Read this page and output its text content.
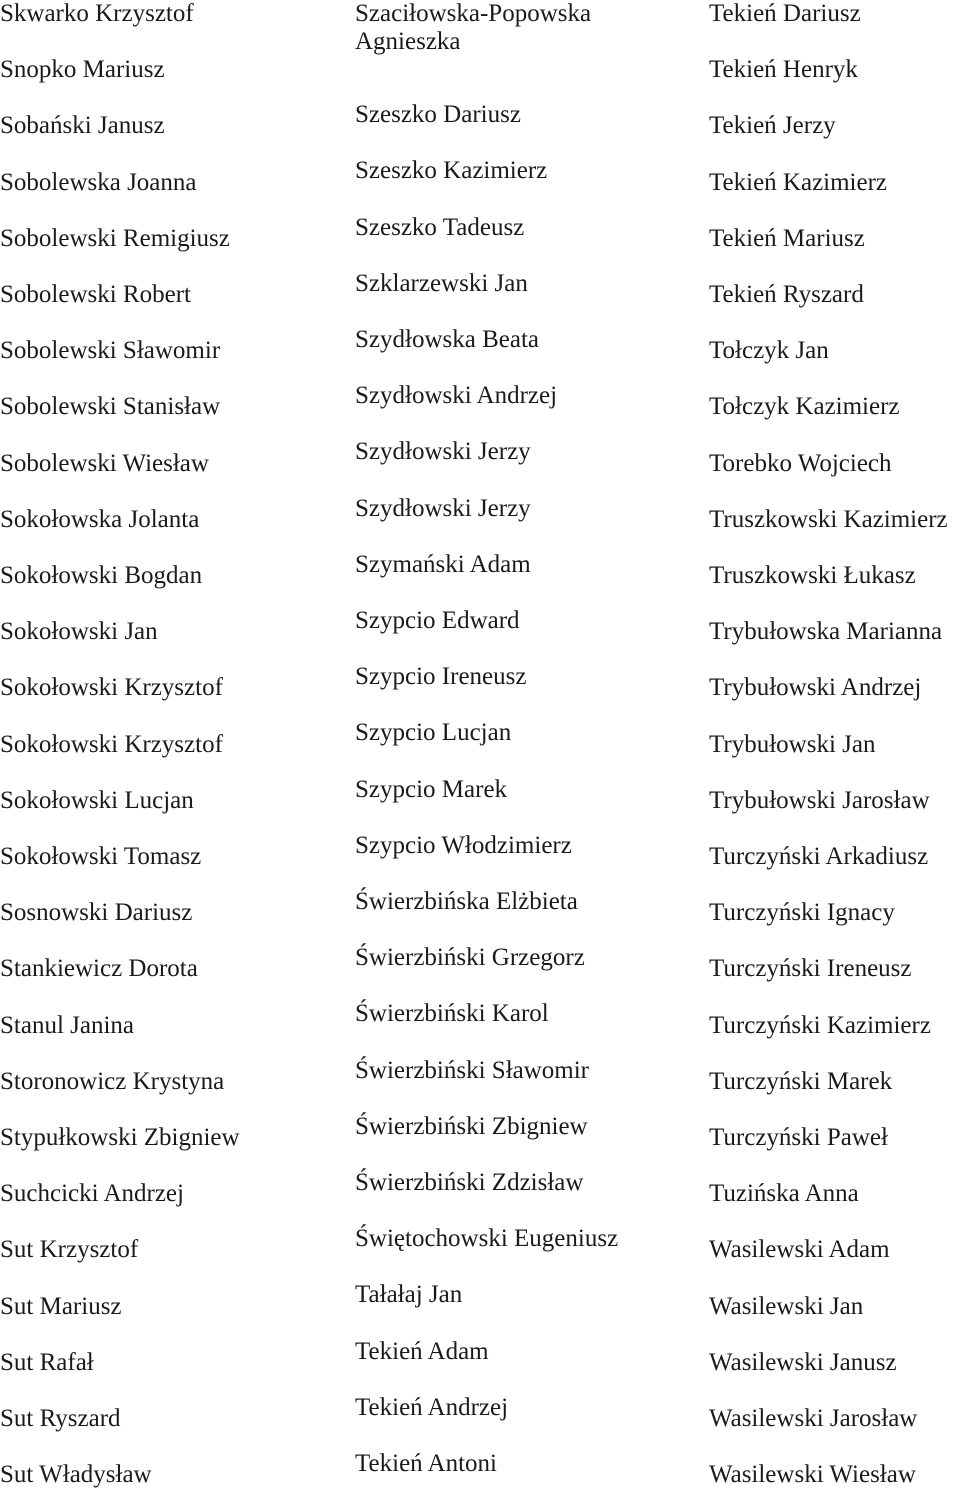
Skwarko Krzysztof
Snopko Mariusz
Sobański Janusz
Sobolewska Joanna
Sobolewski Remigiusz
Sobolewski Robert
Sobolewski Sławomir
Sobolewski Stanisław
Sobolewski Wiesław
Sokołowska Jolanta
Sokołowski Bogdan
Sokołowski Jan
Sokołowski Krzysztof
Sokołowski Krzysztof
Sokołowski Lucjan
Sokołowski Tomasz
Sosnowski Dariusz
Stankiewicz Dorota
Stanul Janina
Storonowicz Krystyna
Stypułkowski Zbigniew
Suchcicki Andrzej
Sut Krzysztof
Sut Mariusz
Sut Rafał
Sut Ryszard
Sut Władysław
Szaciłowska-Popowska
Agnieszka
Szeszko Dariusz
Szeszko Kazimierz
Szeszko Tadeusz
Szklarzewski Jan
Szydłowska Beata
Szydłowski Andrzej
Szydłowski Jerzy
Szydłowski Jerzy
Szymański Adam
Szypcio Edward
Szypcio Ireneusz
Szypcio Lucjan
Szypcio Marek
Szypcio Włodzimierz
Świerzbińska Elżbieta
Świerzbiński Grzegorz
Świerzbiński Karol
Świerzbiński Sławomir
Świerzbiński Zbigniew
Świerzbiński Zdzisław
Świętochowski Eugeniusz
Tałałaj Jan
Tekień Adam
Tekień Andrzej
Tekień Antoni
Tekień Dariusz
Tekień Henryk
Tekień Jerzy
Tekień Kazimierz
Tekień Mariusz
Tekień Ryszard
Tołczyk Jan
Tołczyk Kazimierz
Torebko Wojciech
Truszkowski Kazimierz
Truszkowski Łukasz
Trybułowska Marianna
Trybułowski Andrzej
Trybułowski Jan
Trybułowski Jarosław
Turczyński Arkadiusz
Turczyński Ignacy
Turczyński Ireneusz
Turczyński Kazimierz
Turczyński Marek
Turczyński Paweł
Tuzińska Anna
Wasilewski Adam
Wasilewski Jan
Wasilewski Janusz
Wasilewski Jarosław
Wasilewski Wiesław
